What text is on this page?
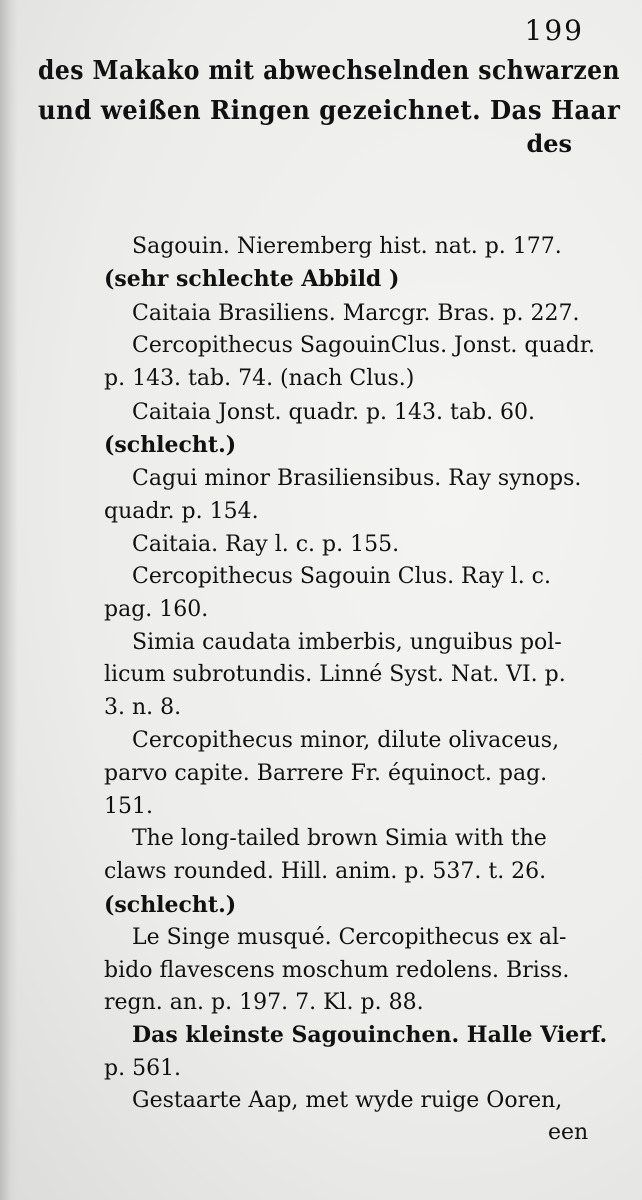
199
des Makako mit abwechselnden schwarzen
und weißen Ringen gezeichnet. Das Haar
des
Sagouin. Nieremberg hist. nat. p. 177.
(sehr schlechte Abbild )
Caitaia Brasiliens. Marcgr. Bras. p. 227.
Cercopithecus SagouinClus. Jonst. quadr.
p. 143. tab. 74. (nach Clus.)
Caitaia Jonst. quadr. p. 143. tab. 60.
(schlecht.)
Cagui minor Brasiliensibus. Ray synops.
quadr. p. 154.
Caitaia. Ray l. c. p. 155.
Cercopithecus Sagouin Clus. Ray l. c.
pag. 160.
Simia caudata imberbis, unguibus pol-
licum subrotundis. Linné Syst. Nat. VI. p.
3. n. 8.
Cercopithecus minor, dilute olivaceus,
parvo capite. Barrere Fr. équinoct. pag.
151.
The long-tailed brown Simia with the
claws rounded. Hill. anim. p. 537. t. 26.
(schlecht.)
Le Singe musqué. Cercopithecus ex al-
bido flavescens moschum redolens. Briss.
regn. an. p. 197. 7. Kl. p. 88.
Das kleinste Sagouinchen. Halle Vierf.
p. 561.
Gestaarte Aap, met wyde ruige Ooren,
een
